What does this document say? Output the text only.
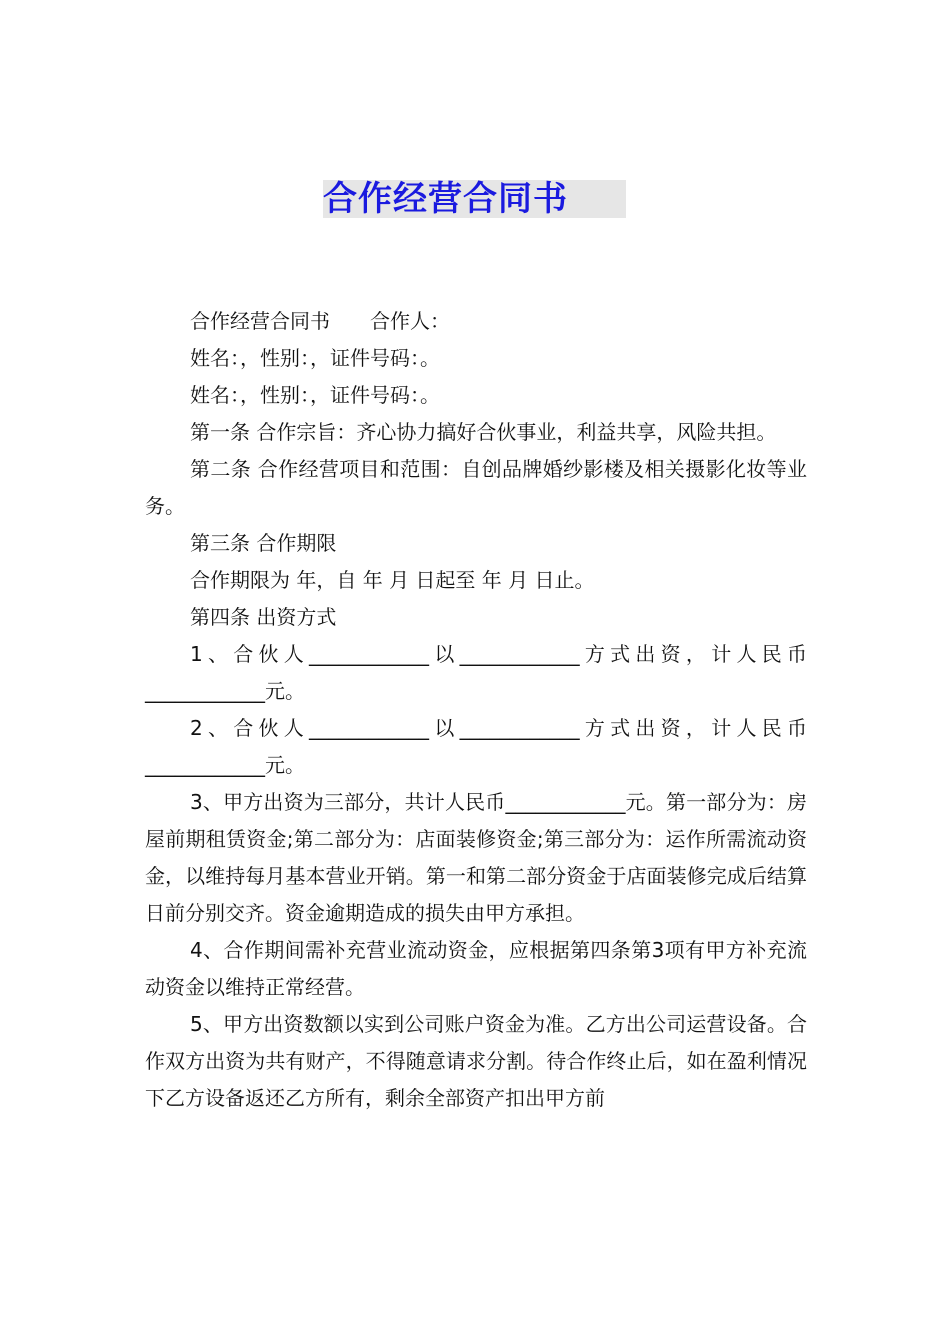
合作经营合同书

合作经营合同书　　合作人：

姓名：，性别：，证件号码：。

姓名：，性别：，证件号码：。

第一条 合作宗旨：齐心协力搞好合伙事业，利益共享，风险共担。

第二条 合作经营项目和范围：自创品牌婚纱影楼及相关摄影化妆等业务。

第三条 合作期限

合作期限为 年，自 年 月 日起至 年 月 日止。

第四条 出资方式

1、合伙人____________以____________方式出资，计人民币____________元。

2、合伙人____________以____________方式出资，计人民币____________元。

3、甲方出资为三部分，共计人民币____________元。第一部分为：房屋前期租赁资金;第二部分为：店面装修资金;第三部分为：运作所需流动资金，以维持每月基本营业开销。第一和第二部分资金于店面装修完成后结算日前分别交齐。资金逾期造成的损失由甲方承担。

4、合作期间需补充营业流动资金，应根据第四条第3项有甲方补充流动资金以维持正常经营。

5、甲方出资数额以实到公司账户资金为准。乙方出公司运营设备。合作双方出资为共有财产，不得随意请求分割。待合作终止后，如在盈利情况下乙方设备返还乙方所有，剩余全部资产扣出甲方前
